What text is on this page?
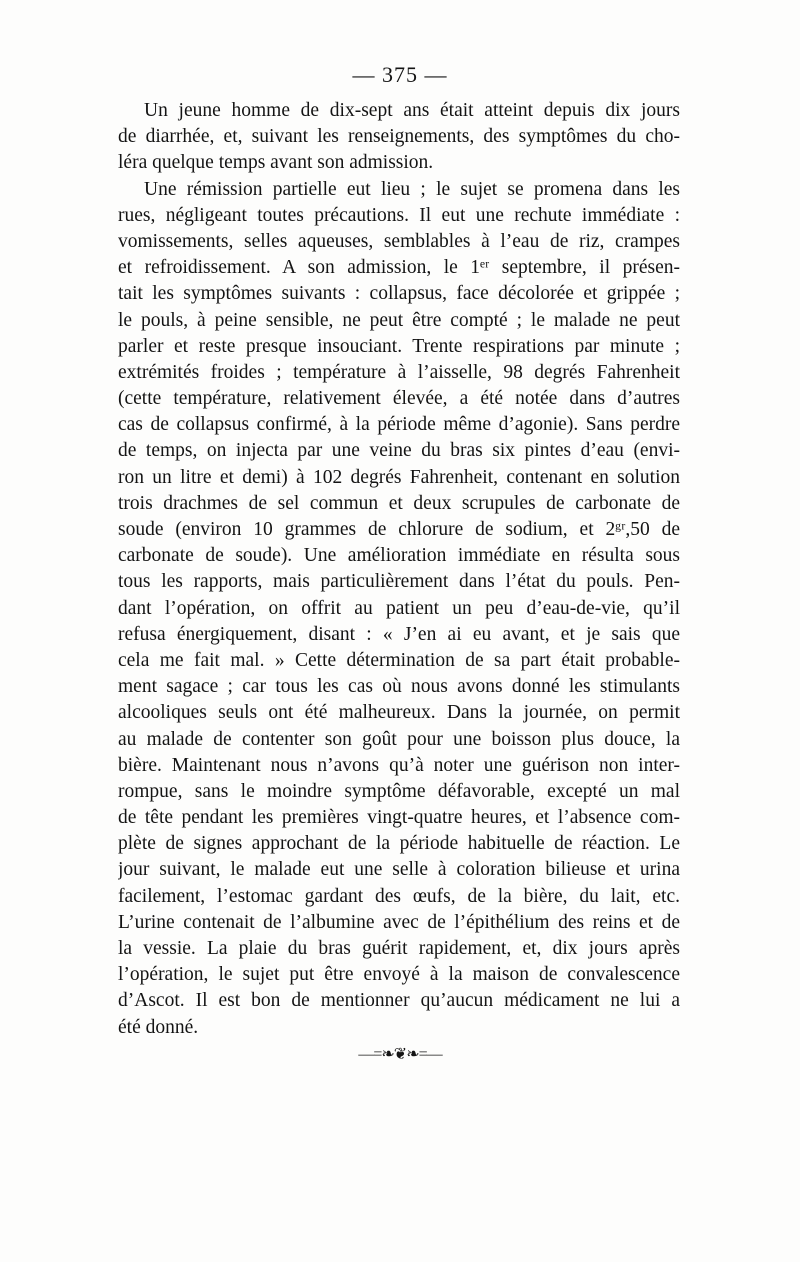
— 375 —
Un jeune homme de dix-sept ans était atteint depuis dix jours
de diarrhée, et, suivant les renseignements, des symptômes du cho-
léra quelque temps avant son admission.
Une rémission partielle eut lieu ; le sujet se promena dans les
rues, négligeant toutes précautions. Il eut une rechute immédiate :
vomissements, selles aqueuses, semblables à l’eau de riz, crampes
et refroidissement. A son admission, le 1ᵉʳ septembre, il présen-
tait les symptômes suivants : collapsus, face décolorée et grippée ;
le pouls, à peine sensible, ne peut être compté ; le malade ne peut
parler et reste presque insouciant. Trente respirations par minute ;
extrémités froides ; température à l’aisselle, 98 degrés Fahrenheit
(cette température, relativement élevée, a été notée dans d’autres
cas de collapsus confirmé, à la période même d’agonie). Sans perdre
de temps, on injecta par une veine du bras six pintes d’eau (envi-
ron un litre et demi) à 102 degrés Fahrenheit, contenant en solution
trois drachmes de sel commun et deux scrupules de carbonate de
soude (environ 10 grammes de chlorure de sodium, et 2ᵍʳ,50 de
carbonate de soude). Une amélioration immédiate en résulta sous
tous les rapports, mais particulièrement dans l’état du pouls. Pen-
dant l’opération, on offrit au patient un peu d’eau-de-vie, qu’il
refusa énergiquement, disant : « J’en ai eu avant, et je sais que
cela me fait mal. » Cette détermination de sa part était probable-
ment sagace ; car tous les cas où nous avons donné les stimulants
alcooliques seuls ont été malheureux. Dans la journée, on permit
au malade de contenter son goût pour une boisson plus douce, la
bière. Maintenant nous n’avons qu’à noter une guérison non inter-
rompue, sans le moindre symptôme défavorable, excepté un mal
de tête pendant les premières vingt-quatre heures, et l’absence com-
plète de signes approchant de la période habituelle de réaction. Le
jour suivant, le malade eut une selle à coloration bilieuse et urina
facilement, l’estomac gardant des œufs, de la bière, du lait, etc.
L’urine contenait de l’albumine avec de l’épithélium des reins et de
la vessie. La plaie du bras guérit rapidement, et, dix jours après
l’opération, le sujet put être envoyé à la maison de convalescence
d’Ascot. Il est bon de mentionner qu’aucun médicament ne lui a
été donné.
—=❧❦❧=—
